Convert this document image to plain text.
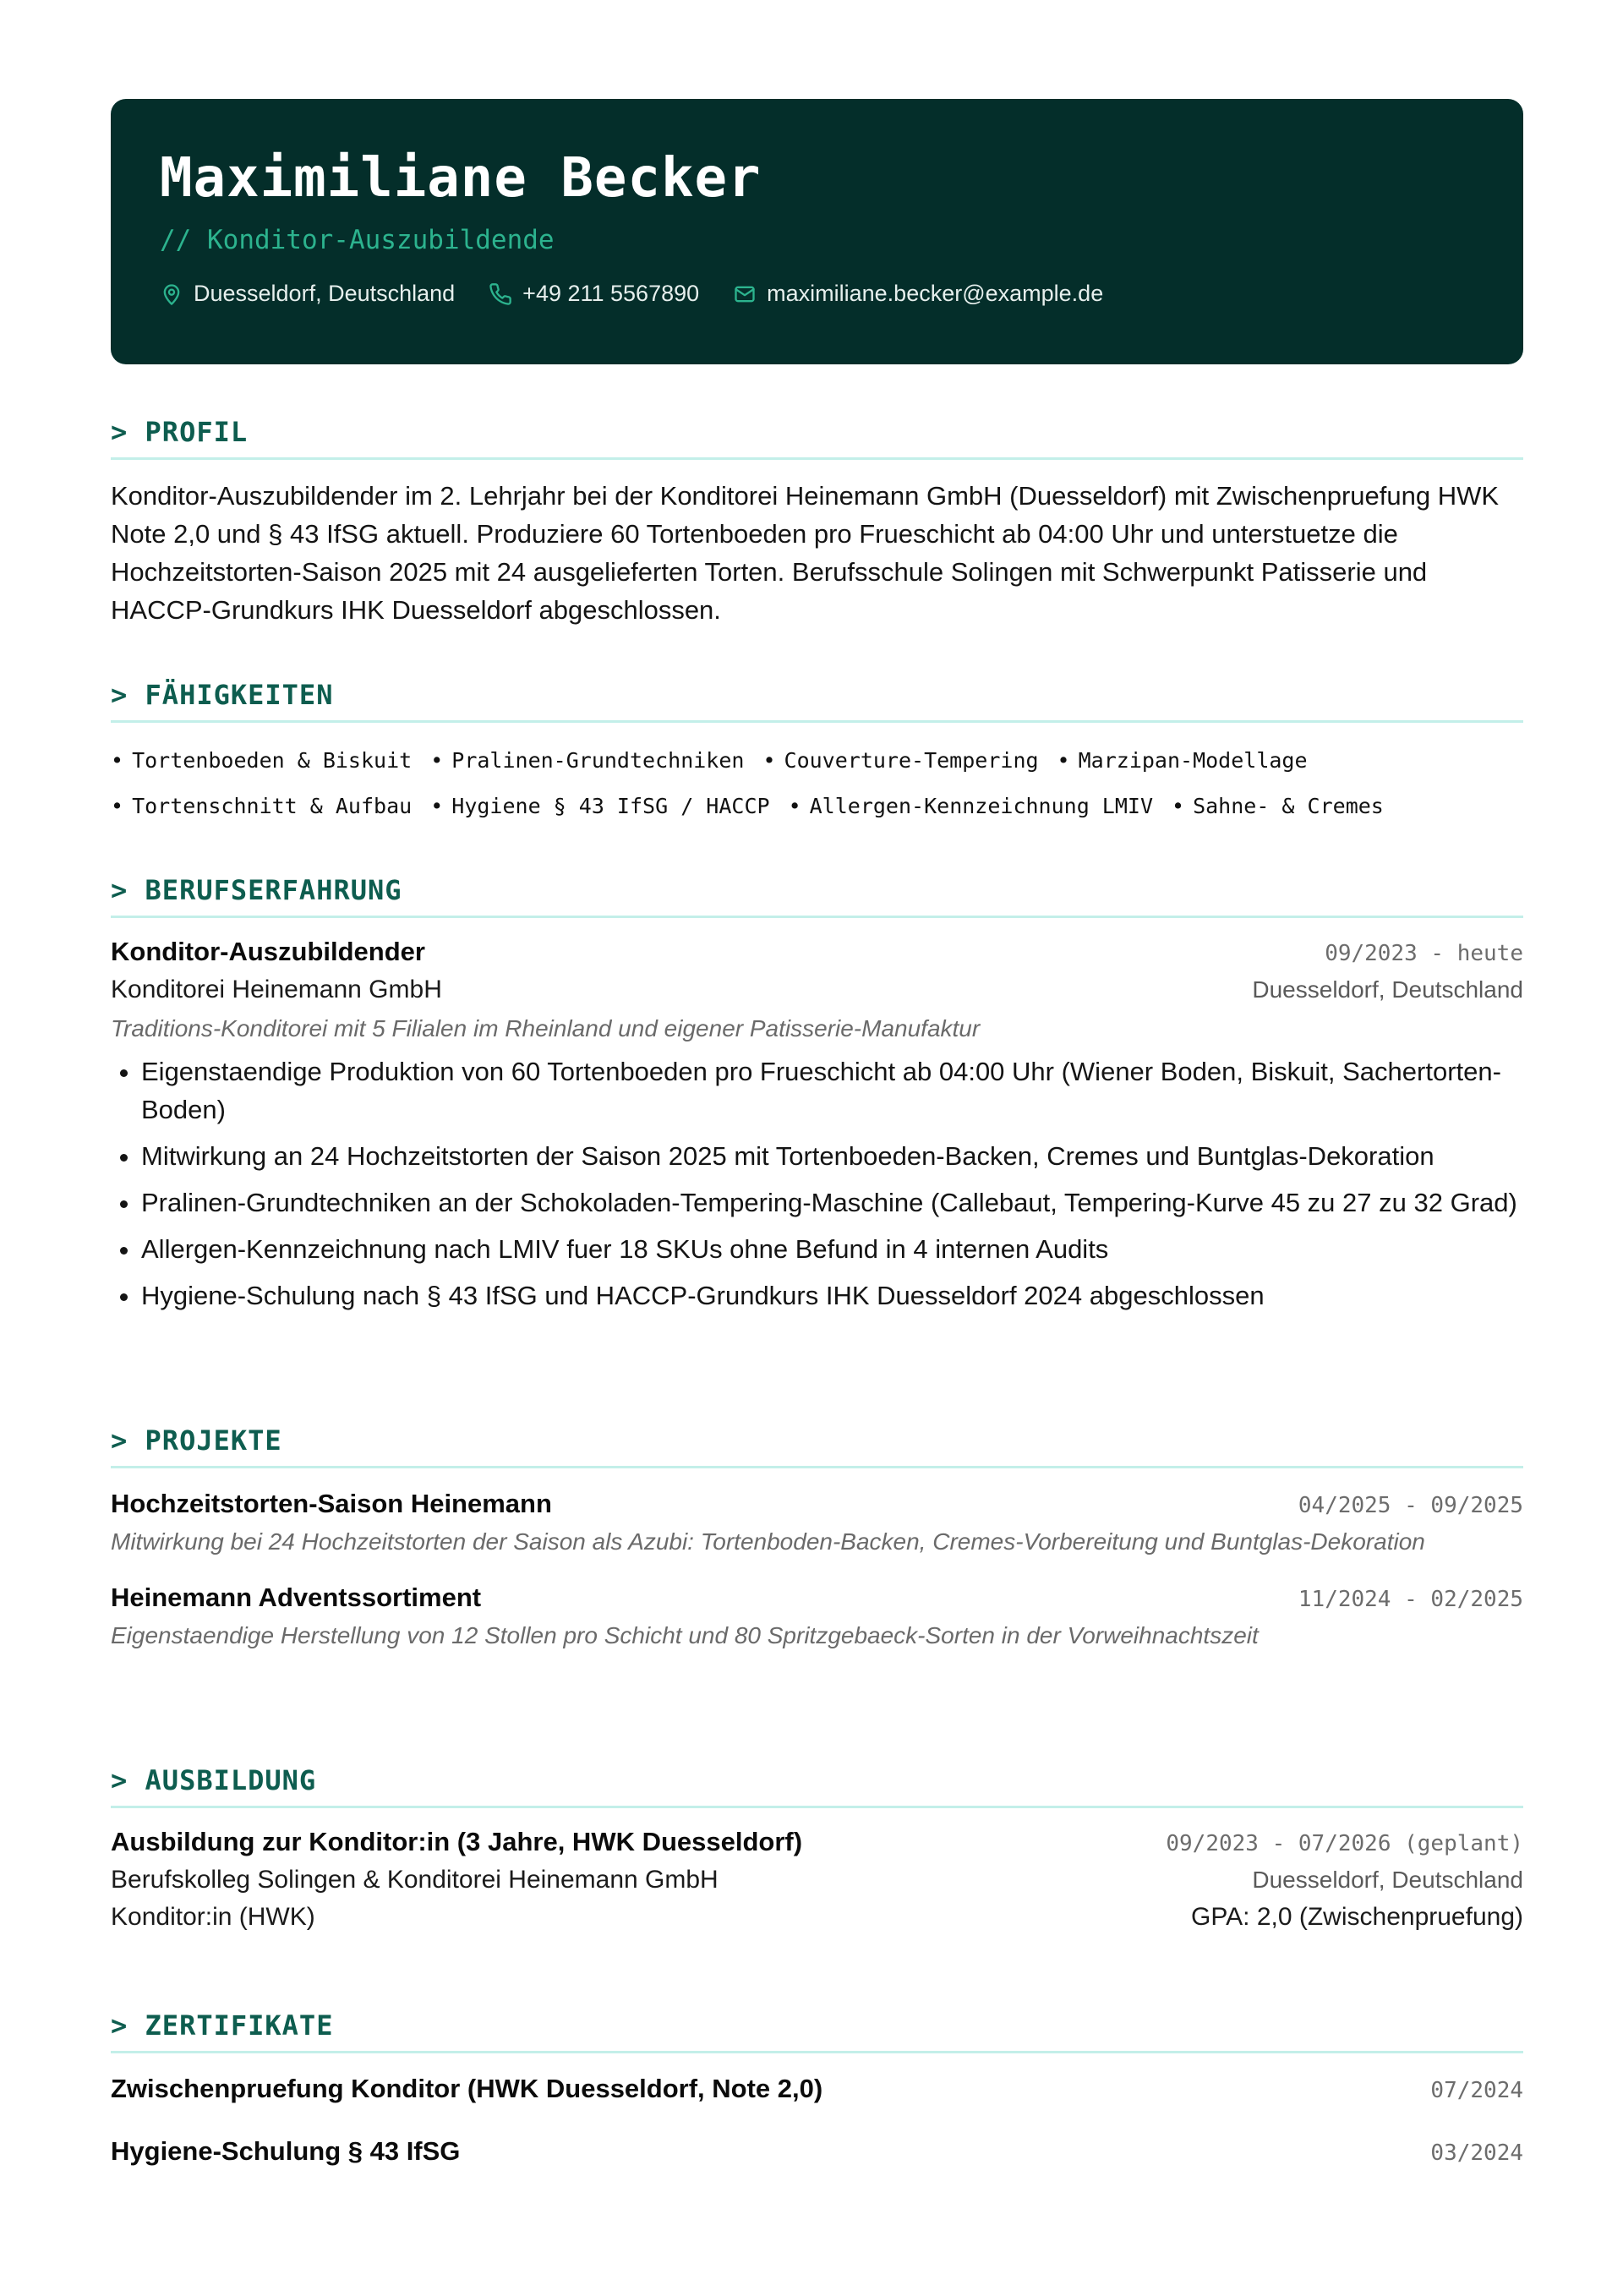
Maximiliane Becker
// Konditor-Auszubildende
Duesseldorf, Deutschland	+49 211 5567890	maximiliane.becker@example.de
> PROFIL
Konditor-Auszubildender im 2. Lehrjahr bei der Konditorei Heinemann GmbH (Duesseldorf) mit Zwischenpruefung HWK Note 2,0 und § 43 IfSG aktuell. Produziere 60 Tortenboeden pro Frueschicht ab 04:00 Uhr und unterstuetze die Hochzeitstorten-Saison 2025 mit 24 ausgelieferten Torten. Berufsschule Solingen mit Schwerpunkt Patisserie und HACCP-Grundkurs IHK Duesseldorf abgeschlossen.
> FÄHIGKEITEN
• Tortenboeden & Biskuit	• Pralinen-Grundtechniken	• Couverture-Tempering	• Marzipan-Modellage
• Tortenschnitt & Aufbau	• Hygiene § 43 IfSG / HACCP	• Allergen-Kennzeichnung LMIV	• Sahne- & Cremes
> BERUFSERFAHRUNG
Konditor-Auszubildender	09/2023 - heute
Konditorei Heinemann GmbH	Duesseldorf, Deutschland
Traditions-Konditorei mit 5 Filialen im Rheinland und eigener Patisserie-Manufaktur
• Eigenstaendige Produktion von 60 Tortenboeden pro Frueschicht ab 04:00 Uhr (Wiener Boden, Biskuit, Sachertorten-Boden)
• Mitwirkung an 24 Hochzeitstorten der Saison 2025 mit Tortenboeden-Backen, Cremes und Buntglas-Dekoration
• Pralinen-Grundtechniken an der Schokoladen-Tempering-Maschine (Callebaut, Tempering-Kurve 45 zu 27 zu 32 Grad)
• Allergen-Kennzeichnung nach LMIV fuer 18 SKUs ohne Befund in 4 internen Audits
• Hygiene-Schulung nach § 43 IfSG und HACCP-Grundkurs IHK Duesseldorf 2024 abgeschlossen
> PROJEKTE
Hochzeitstorten-Saison Heinemann	04/2025 - 09/2025
Mitwirkung bei 24 Hochzeitstorten der Saison als Azubi: Tortenboden-Backen, Cremes-Vorbereitung und Buntglas-Dekoration
Heinemann Adventssortiment	11/2024 - 02/2025
Eigenstaendige Herstellung von 12 Stollen pro Schicht und 80 Spritzgebaeck-Sorten in der Vorweihnachtszeit
> AUSBILDUNG
Ausbildung zur Konditor:in (3 Jahre, HWK Duesseldorf)	09/2023 - 07/2026 (geplant)
Berufskolleg Solingen & Konditorei Heinemann GmbH	Duesseldorf, Deutschland
Konditor:in (HWK)	GPA: 2,0 (Zwischenpruefung)
> ZERTIFIKATE
Zwischenpruefung Konditor (HWK Duesseldorf, Note 2,0)	07/2024
Hygiene-Schulung § 43 IfSG	03/2024
